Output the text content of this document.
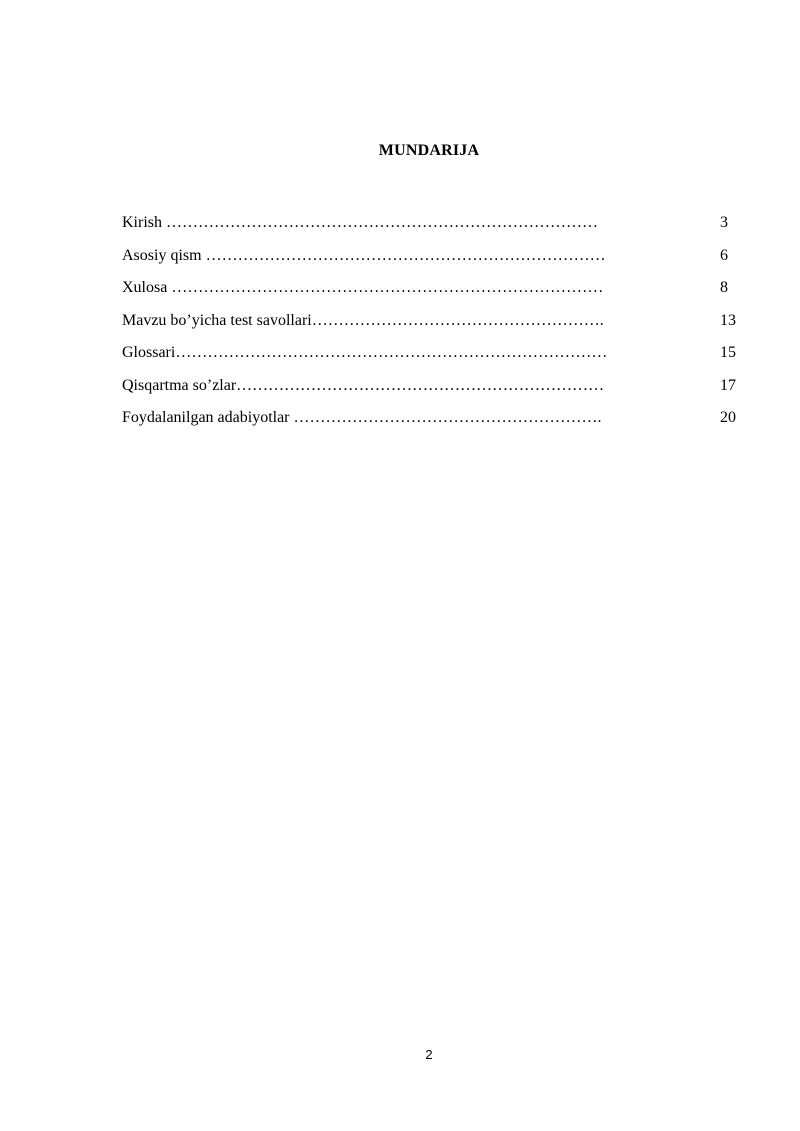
MUNDARIJA
Kirish ………………………………………………………………………	3
Asosiy qism …………………………………………………………………	6
Xulosa ………………………………………………………………………	8
Mavzu bo’yicha test savollari……………………………………………….	13
Glossari………………………………………………………………………	15
Qisqartma so’zlar……………………………………………………………	17
Foydalanilgan adabiyotlar ………………………………………………….	20
2
